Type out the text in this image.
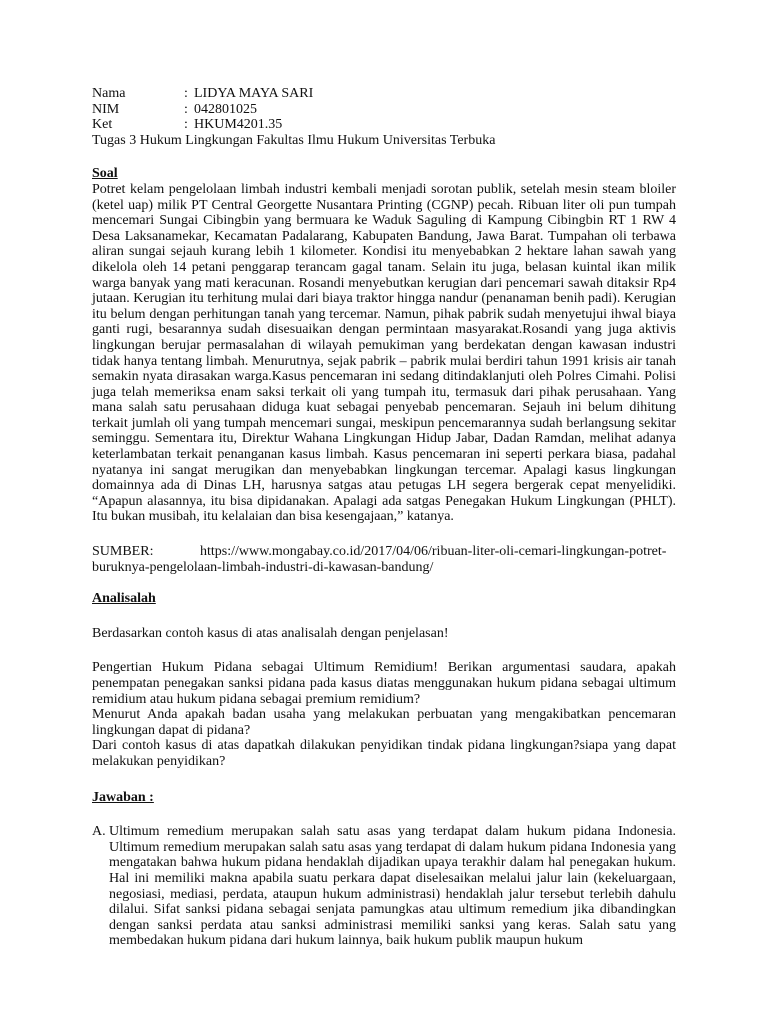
Nama	: LIDYA MAYA SARI
NIM	: 042801025
Ket	: HKUM4201.35
Tugas 3 Hukum Lingkungan Fakultas Ilmu Hukum Universitas Terbuka
Soal
Potret kelam pengelolaan limbah industri kembali menjadi sorotan publik, setelah mesin steam bloiler (ketel uap) milik PT Central Georgette Nusantara Printing (CGNP) pecah. Ribuan liter oli pun tumpah mencemari Sungai Cibingbin yang bermuara ke Waduk Saguling di Kampung Cibingbin RT 1 RW 4 Desa Laksanamekar, Kecamatan Padalarang, Kabupaten Bandung, Jawa Barat. Tumpahan oli terbawa aliran sungai sejauh kurang lebih 1 kilometer. Kondisi itu menyebabkan 2 hektare lahan sawah yang dikelola oleh 14 petani penggarap terancam gagal tanam. Selain itu juga, belasan kuintal ikan milik warga banyak yang mati keracunan. Rosandi menyebutkan kerugian dari pencemari sawah ditaksir Rp4 jutaan. Kerugian itu terhitung mulai dari biaya traktor hingga nandur (penanaman benih padi). Kerugian itu belum dengan perhitungan tanah yang tercemar. Namun, pihak pabrik sudah menyetujui ihwal biaya ganti rugi, besarannya sudah disesuaikan dengan permintaan masyarakat.Rosandi yang juga aktivis lingkungan berujar permasalahan di wilayah pemukiman yang berdekatan dengan kawasan industri tidak hanya tentang limbah. Menurutnya, sejak pabrik – pabrik mulai berdiri tahun 1991 krisis air tanah semakin nyata dirasakan warga.Kasus pencemaran ini sedang ditindaklanjuti oleh Polres Cimahi. Polisi juga telah memeriksa enam saksi terkait oli yang tumpah itu, termasuk dari pihak perusahaan. Yang mana salah satu perusahaan diduga kuat sebagai penyebab pencemaran. Sejauh ini belum dihitung terkait jumlah oli yang tumpah mencemari sungai, meskipun pencemarannya sudah berlangsung sekitar seminggu. Sementara itu, Direktur Wahana Lingkungan Hidup Jabar, Dadan Ramdan, melihat adanya keterlambatan terkait penanganan kasus limbah. Kasus pencemaran ini seperti perkara biasa, padahal nyatanya ini sangat merugikan dan menyebabkan lingkungan tercemar. Apalagi kasus lingkungan domainnya ada di Dinas LH, harusnya satgas atau petugas LH segera bergerak cepat menyelidiki. “Apapun alasannya, itu bisa dipidanakan. Apalagi ada satgas Penegakan Hukum Lingkungan (PHLT). Itu bukan musibah, itu kelalaian dan bisa kesengajaan,” katanya.
SUMBER:	https://www.mongabay.co.id/2017/04/06/ribuan-liter-oli-cemari-lingkungan-potret-
buruknya-pengelolaan-limbah-industri-di-kawasan-bandung/
Analisalah
Berdasarkan contoh kasus di atas analisalah dengan penjelasan!
Pengertian Hukum Pidana sebagai Ultimum Remidium! Berikan argumentasi saudara, apakah penempatan penegakan sanksi pidana pada kasus diatas menggunakan hukum pidana sebagai ultimum remidium atau hukum pidana sebagai premium remidium?
Menurut Anda apakah badan usaha yang melakukan perbuatan yang mengakibatkan pencemaran lingkungan dapat di pidana?
Dari contoh kasus di atas dapatkah dilakukan penyidikan tindak pidana lingkungan?siapa yang dapat melakukan penyidikan?
Jawaban :
A. Ultimum remedium merupakan salah satu asas yang terdapat dalam hukum pidana Indonesia. Ultimum remedium merupakan salah satu asas yang terdapat di dalam hukum pidana Indonesia yang mengatakan bahwa hukum pidana hendaklah dijadikan upaya terakhir dalam hal penegakan hukum. Hal ini memiliki makna apabila suatu perkara dapat diselesaikan melalui jalur lain (kekeluargaan, negosiasi, mediasi, perdata, ataupun hukum administrasi) hendaklah jalur tersebut terlebih dahulu dilalui. Sifat sanksi pidana sebagai senjata pamungkas atau ultimum remedium jika dibandingkan dengan sanksi perdata atau sanksi administrasi memiliki sanksi yang keras. Salah satu yang membedakan hukum pidana dari hukum lainnya, baik hukum publik maupun hukum
